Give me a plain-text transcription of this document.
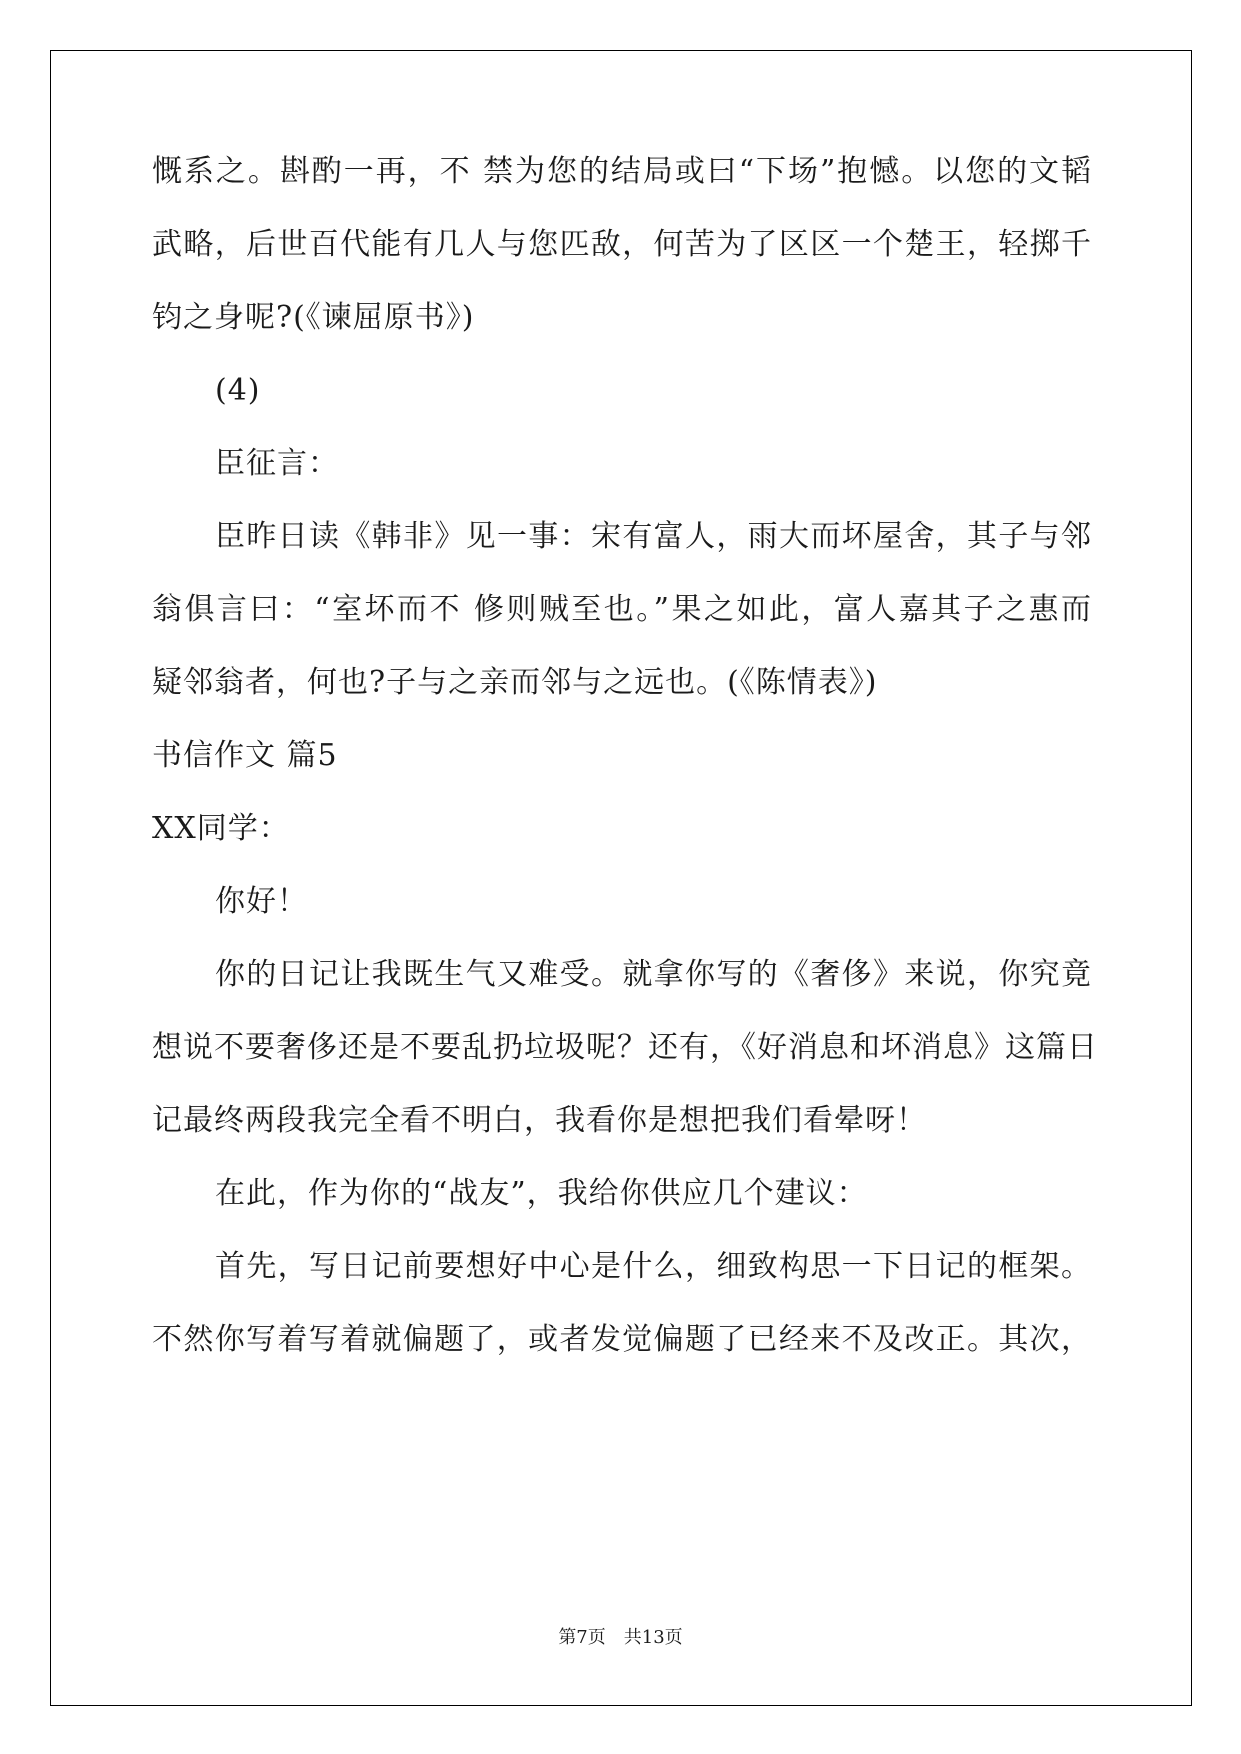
慨系之。斟酌一再，不 禁为您的结局或曰“下场”抱憾。以您的文韬
武略，后世百代能有几人与您匹敌，何苦为了区区一个楚王，轻掷千
钧之身呢?(《谏屈原书》)
(4)
臣征言：
臣昨日读《韩非》见一事：宋有富人，雨大而坏屋舍，其子与邻
翁俱言曰：“室坏而不 修则贼至也。”果之如此，富人嘉其子之惠而
疑邻翁者，何也?子与之亲而邻与之远也。(《陈情表》)
书信作文 篇5
XX同学：
你好！
你的日记让我既生气又难受。就拿你写的《奢侈》来说，你究竟
想说不要奢侈还是不要乱扔垃圾呢？还有，《好消息和坏消息》这篇日
记最终两段我完全看不明白，我看你是想把我们看晕呀！
在此，作为你的“战友”，我给你供应几个建议：
首先，写日记前要想好中心是什么，细致构思一下日记的框架。
不然你写着写着就偏题了，或者发觉偏题了已经来不及改正。其次，
第7页　共13页
